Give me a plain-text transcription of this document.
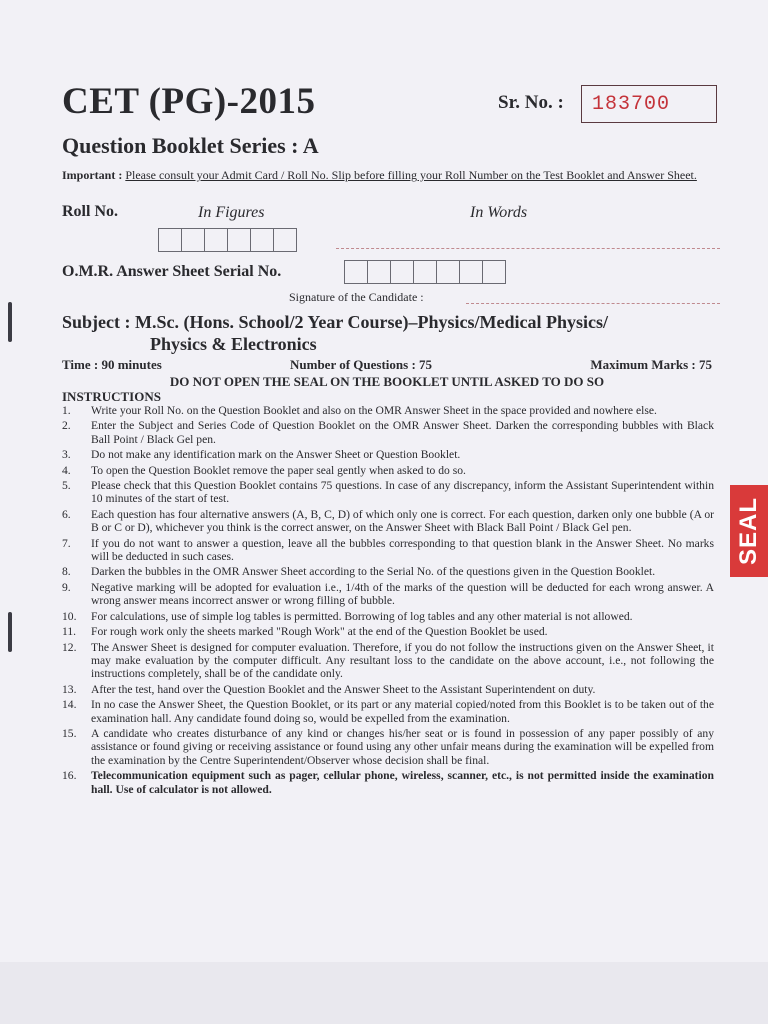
CET (PG)-2015	Sr. No. :	183700
Question Booklet Series : A
Important : Please consult your Admit Card / Roll No. Slip before filling your Roll Number on the Test Booklet and Answer Sheet.
Roll No.	In Figures	In Words
O.M.R. Answer Sheet Serial No.
Signature of the Candidate :
Subject : M.Sc. (Hons. School/2 Year Course)–Physics/Medical Physics/
Physics & Electronics
Time : 90 minutes	Number of Questions : 75	Maximum Marks : 75
DO NOT OPEN THE SEAL ON THE BOOKLET UNTIL ASKED TO DO SO
INSTRUCTIONS
1.	Write your Roll No. on the Question Booklet and also on the OMR Answer Sheet in the space provided and nowhere else.
2.	Enter the Subject and Series Code of Question Booklet on the OMR Answer Sheet. Darken the corresponding bubbles with Black Ball Point / Black Gel pen.
3.	Do not make any identification mark on the Answer Sheet or Question Booklet.
4.	To open the Question Booklet remove the paper seal gently when asked to do so.
5.	Please check that this Question Booklet contains 75 questions. In case of any discrepancy, inform the Assistant Superintendent within 10 minutes of the start of test.
6.	Each question has four alternative answers (A, B, C, D) of which only one is correct. For each question, darken only one bubble (A or B or C or D), whichever you think is the correct answer, on the Answer Sheet with Black Ball Point / Black Gel pen.
7.	If you do not want to answer a question, leave all the bubbles corresponding to that question blank in the Answer Sheet. No marks will be deducted in such cases.
8.	Darken the bubbles in the OMR Answer Sheet according to the Serial No. of the questions given in the Question Booklet.
9.	Negative marking will be adopted for evaluation i.e., 1/4th of the marks of the question will be deducted for each wrong answer. A wrong answer means incorrect answer or wrong filling of bubble.
10.	For calculations, use of simple log tables is permitted. Borrowing of log tables and any other material is not allowed.
11.	For rough work only the sheets marked "Rough Work" at the end of the Question Booklet be used.
12.	The Answer Sheet is designed for computer evaluation. Therefore, if you do not follow the instructions given on the Answer Sheet, it may make evaluation by the computer difficult. Any resultant loss to the candidate on the above account, i.e., not following the instructions completely, shall be of the candidate only.
13.	After the test, hand over the Question Booklet and the Answer Sheet to the Assistant Superintendent on duty.
14.	In no case the Answer Sheet, the Question Booklet, or its part or any material copied/noted from this Booklet is to be taken out of the examination hall. Any candidate found doing so, would be expelled from the examination.
15.	A candidate who creates disturbance of any kind or changes his/her seat or is found in possession of any paper possibly of any assistance or found giving or receiving assistance or found using any other unfair means during the examination will be expelled from the examination by the Centre Superintendent/Observer whose decision shall be final.
16.	Telecommunication equipment such as pager, cellular phone, wireless, scanner, etc., is not permitted inside the examination hall. Use of calculator is not allowed.
SEAL
